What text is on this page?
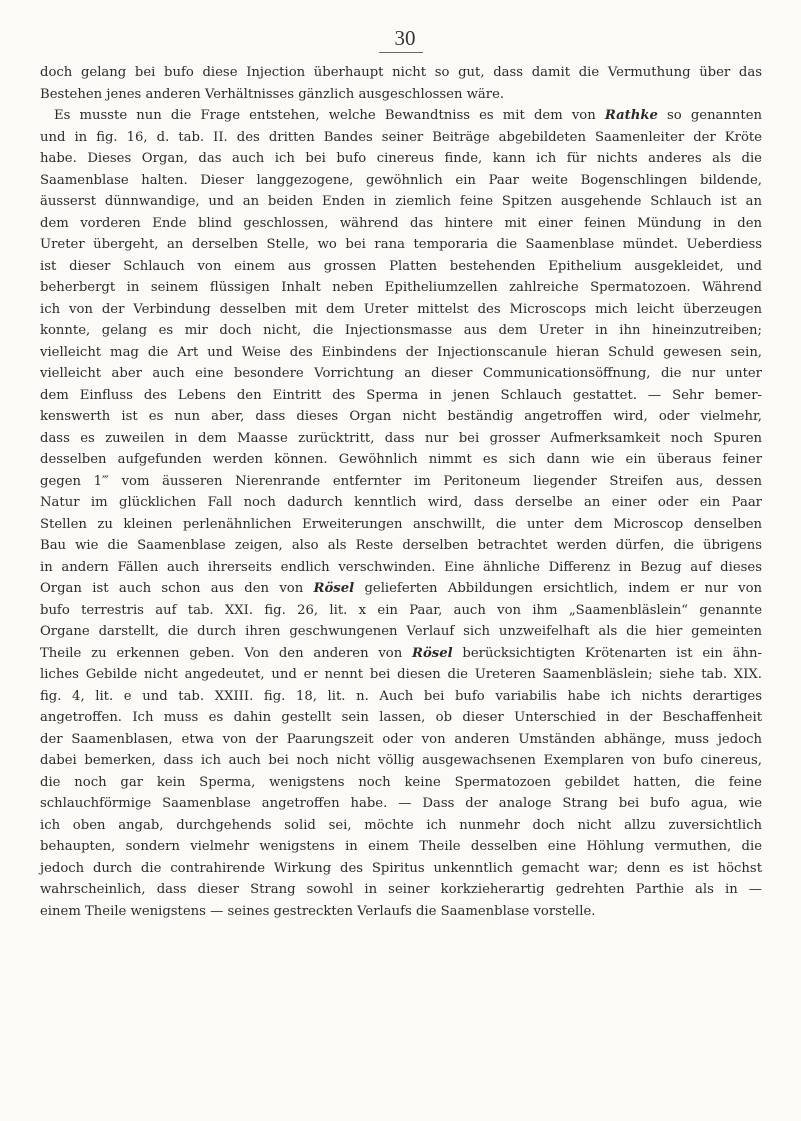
30
doch gelang bei bufo diese Injection überhaupt nicht so gut, dass damit die Vermuthung über das
Bestehen jenes anderen Verhältnisses gänzlich ausgeschlossen wäre.
Es musste nun die Frage entstehen, welche Bewandtniss es mit dem von Rathke so genannten
und in fig. 16, d. tab. II. des dritten Bandes seiner Beiträge abgebildeten Saamenleiter der Kröte
habe. Dieses Organ, das auch ich bei bufo cinereus finde, kann ich für nichts anderes als die
Saamenblase halten. Dieser langgezogene, gewöhnlich ein Paar weite Bogenschlingen bildende,
äusserst dünnwandige, und an beiden Enden in ziemlich feine Spitzen ausgehende Schlauch ist an
dem vorderen Ende blind geschlossen, während das hintere mit einer feinen Mündung in den
Ureter übergeht, an derselben Stelle, wo bei rana temporaria die Saamenblase mündet. Ueberdiess
ist dieser Schlauch von einem aus grossen Platten bestehenden Epithelium ausgekleidet, und
beherbergt in seinem flüssigen Inhalt neben Epitheliumzellen zahlreiche Spermatozoen. Während
ich von der Verbindung desselben mit dem Ureter mittelst des Microscops mich leicht überzeugen
konnte, gelang es mir doch nicht, die Injectionsmasse aus dem Ureter in ihn hineinzutreiben;
vielleicht mag die Art und Weise des Einbindens der Injectionscanule hieran Schuld gewesen sein,
vielleicht aber auch eine besondere Vorrichtung an dieser Communicationsöffnung, die nur unter
dem Einfluss des Lebens den Eintritt des Sperma in jenen Schlauch gestattet. — Sehr bemer-
kenswerth ist es nun aber, dass dieses Organ nicht beständig angetroffen wird, oder vielmehr,
dass es zuweilen in dem Maasse zurücktritt, dass nur bei grosser Aufmerksamkeit noch Spuren
desselben aufgefunden werden können. Gewöhnlich nimmt es sich dann wie ein überaus feiner
gegen 1‴ vom äusseren Nierenrande entfernter im Peritoneum liegender Streifen aus, dessen
Natur im glücklichen Fall noch dadurch kenntlich wird, dass derselbe an einer oder ein Paar
Stellen zu kleinen perlenähnlichen Erweiterungen anschwillt, die unter dem Microscop denselben
Bau wie die Saamenblase zeigen, also als Reste derselben betrachtet werden dürfen, die übrigens
in andern Fällen auch ihrerseits endlich verschwinden. Eine ähnliche Differenz in Bezug auf dieses
Organ ist auch schon aus den von Rösel gelieferten Abbildungen ersichtlich, indem er nur von
bufo terrestris auf tab. XXI. fig. 26, lit. x ein Paar, auch von ihm „Saamenbläslein“ genannte
Organe darstellt, die durch ihren geschwungenen Verlauf sich unzweifelhaft als die hier gemeinten
Theile zu erkennen geben. Von den anderen von Rösel berücksichtigten Krötenarten ist ein ähn-
liches Gebilde nicht angedeutet, und er nennt bei diesen die Ureteren Saamenbläslein; siehe tab. XIX.
fig. 4, lit. e und tab. XXIII. fig. 18, lit. n. Auch bei bufo variabilis habe ich nichts derartiges
angetroffen. Ich muss es dahin gestellt sein lassen, ob dieser Unterschied in der Beschaffenheit
der Saamenblasen, etwa von der Paarungszeit oder von anderen Umständen abhänge, muss jedoch
dabei bemerken, dass ich auch bei noch nicht völlig ausgewachsenen Exemplaren von bufo cinereus,
die noch gar kein Sperma, wenigstens noch keine Spermatozoen gebildet hatten, die feine
schlauchförmige Saamenblase angetroffen habe. — Dass der analoge Strang bei bufo agua, wie
ich oben angab, durchgehends solid sei, möchte ich nunmehr doch nicht allzu zuversichtlich
behaupten, sondern vielmehr wenigstens in einem Theile desselben eine Höhlung vermuthen, die
jedoch durch die contrahirende Wirkung des Spiritus unkenntlich gemacht war; denn es ist höchst
wahrscheinlich, dass dieser Strang sowohl in seiner korkzieherartig gedrehten Parthie als in —
einem Theile wenigstens — seines gestreckten Verlaufs die Saamenblase vorstelle.
